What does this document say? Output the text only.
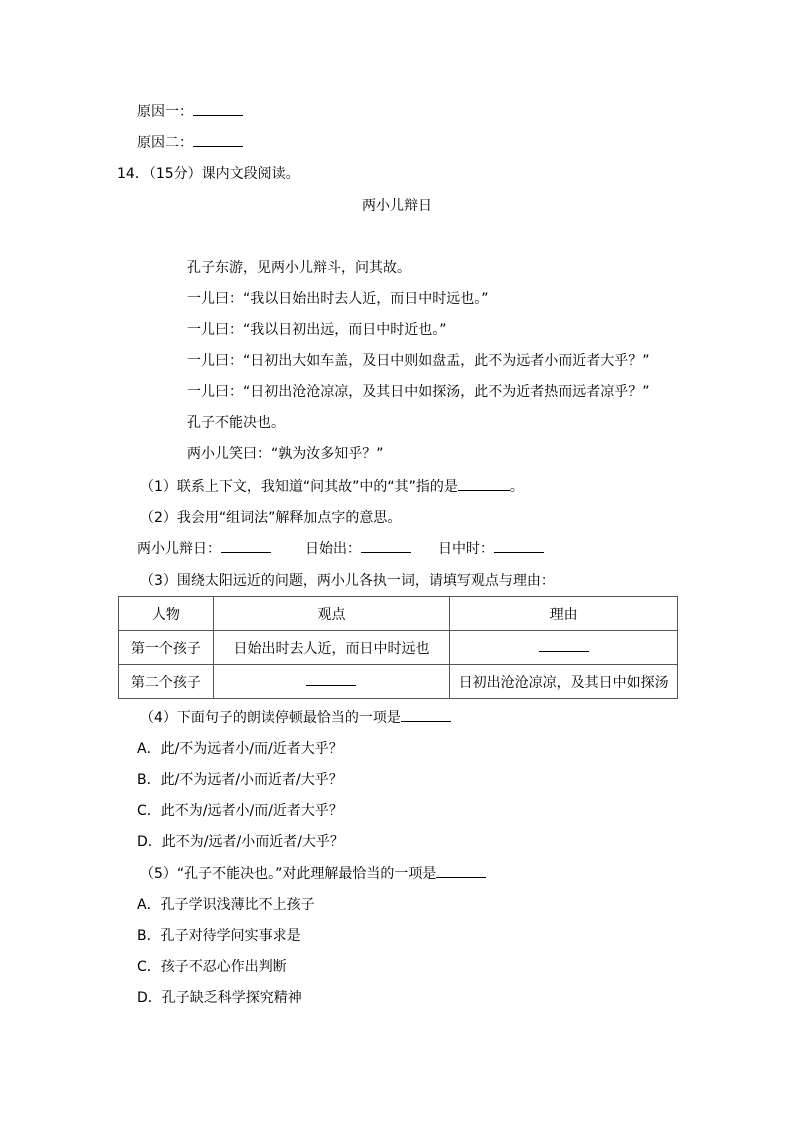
原因一：
原因二：
14．（15分）课内文段阅读。
两小儿辩日
孔子东游，见两小儿辩斗，问其故。
一儿曰：“我以日始出时去人近，而日中时远也。”
一儿曰：“我以日初出远，而日中时近也。”
一儿曰：“日初出大如车盖，及日中则如盘盂，此不为远者小而近者大乎？”
一儿曰：“日初出沧沧凉凉，及其日中如探汤，此不为近者热而远者凉乎？”
孔子不能决也。
两小儿笑曰：“孰为汝多知乎？”
（1）联系上下文，我知道“问其故”中的“其”指的是	。
（2）我会用“组词法”解释加点字的意思。
两小儿辩日：	日始出：	日中时：
（3）围绕太阳远近的问题，两小儿各执一词，请填写观点与理由：
人物	观点	理由
第一个孩子	日始出时去人近，而日中时远也	
第二个孩子		日初出沧沧凉凉，及其日中如探汤
（4）下面句子的朗读停顿最恰当的一项是
A．此/不为远者小/而/近者大乎？
B．此/不为远者/小而近者/大乎？
C．此不为/远者小/而/近者大乎？
D．此不为/远者/小而近者/大乎？
（5）“孔子不能决也。”对此理解最恰当的一项是
A．孔子学识浅薄比不上孩子
B．孔子对待学问实事求是
C．孩子不忍心作出判断
D．孔子缺乏科学探究精神
